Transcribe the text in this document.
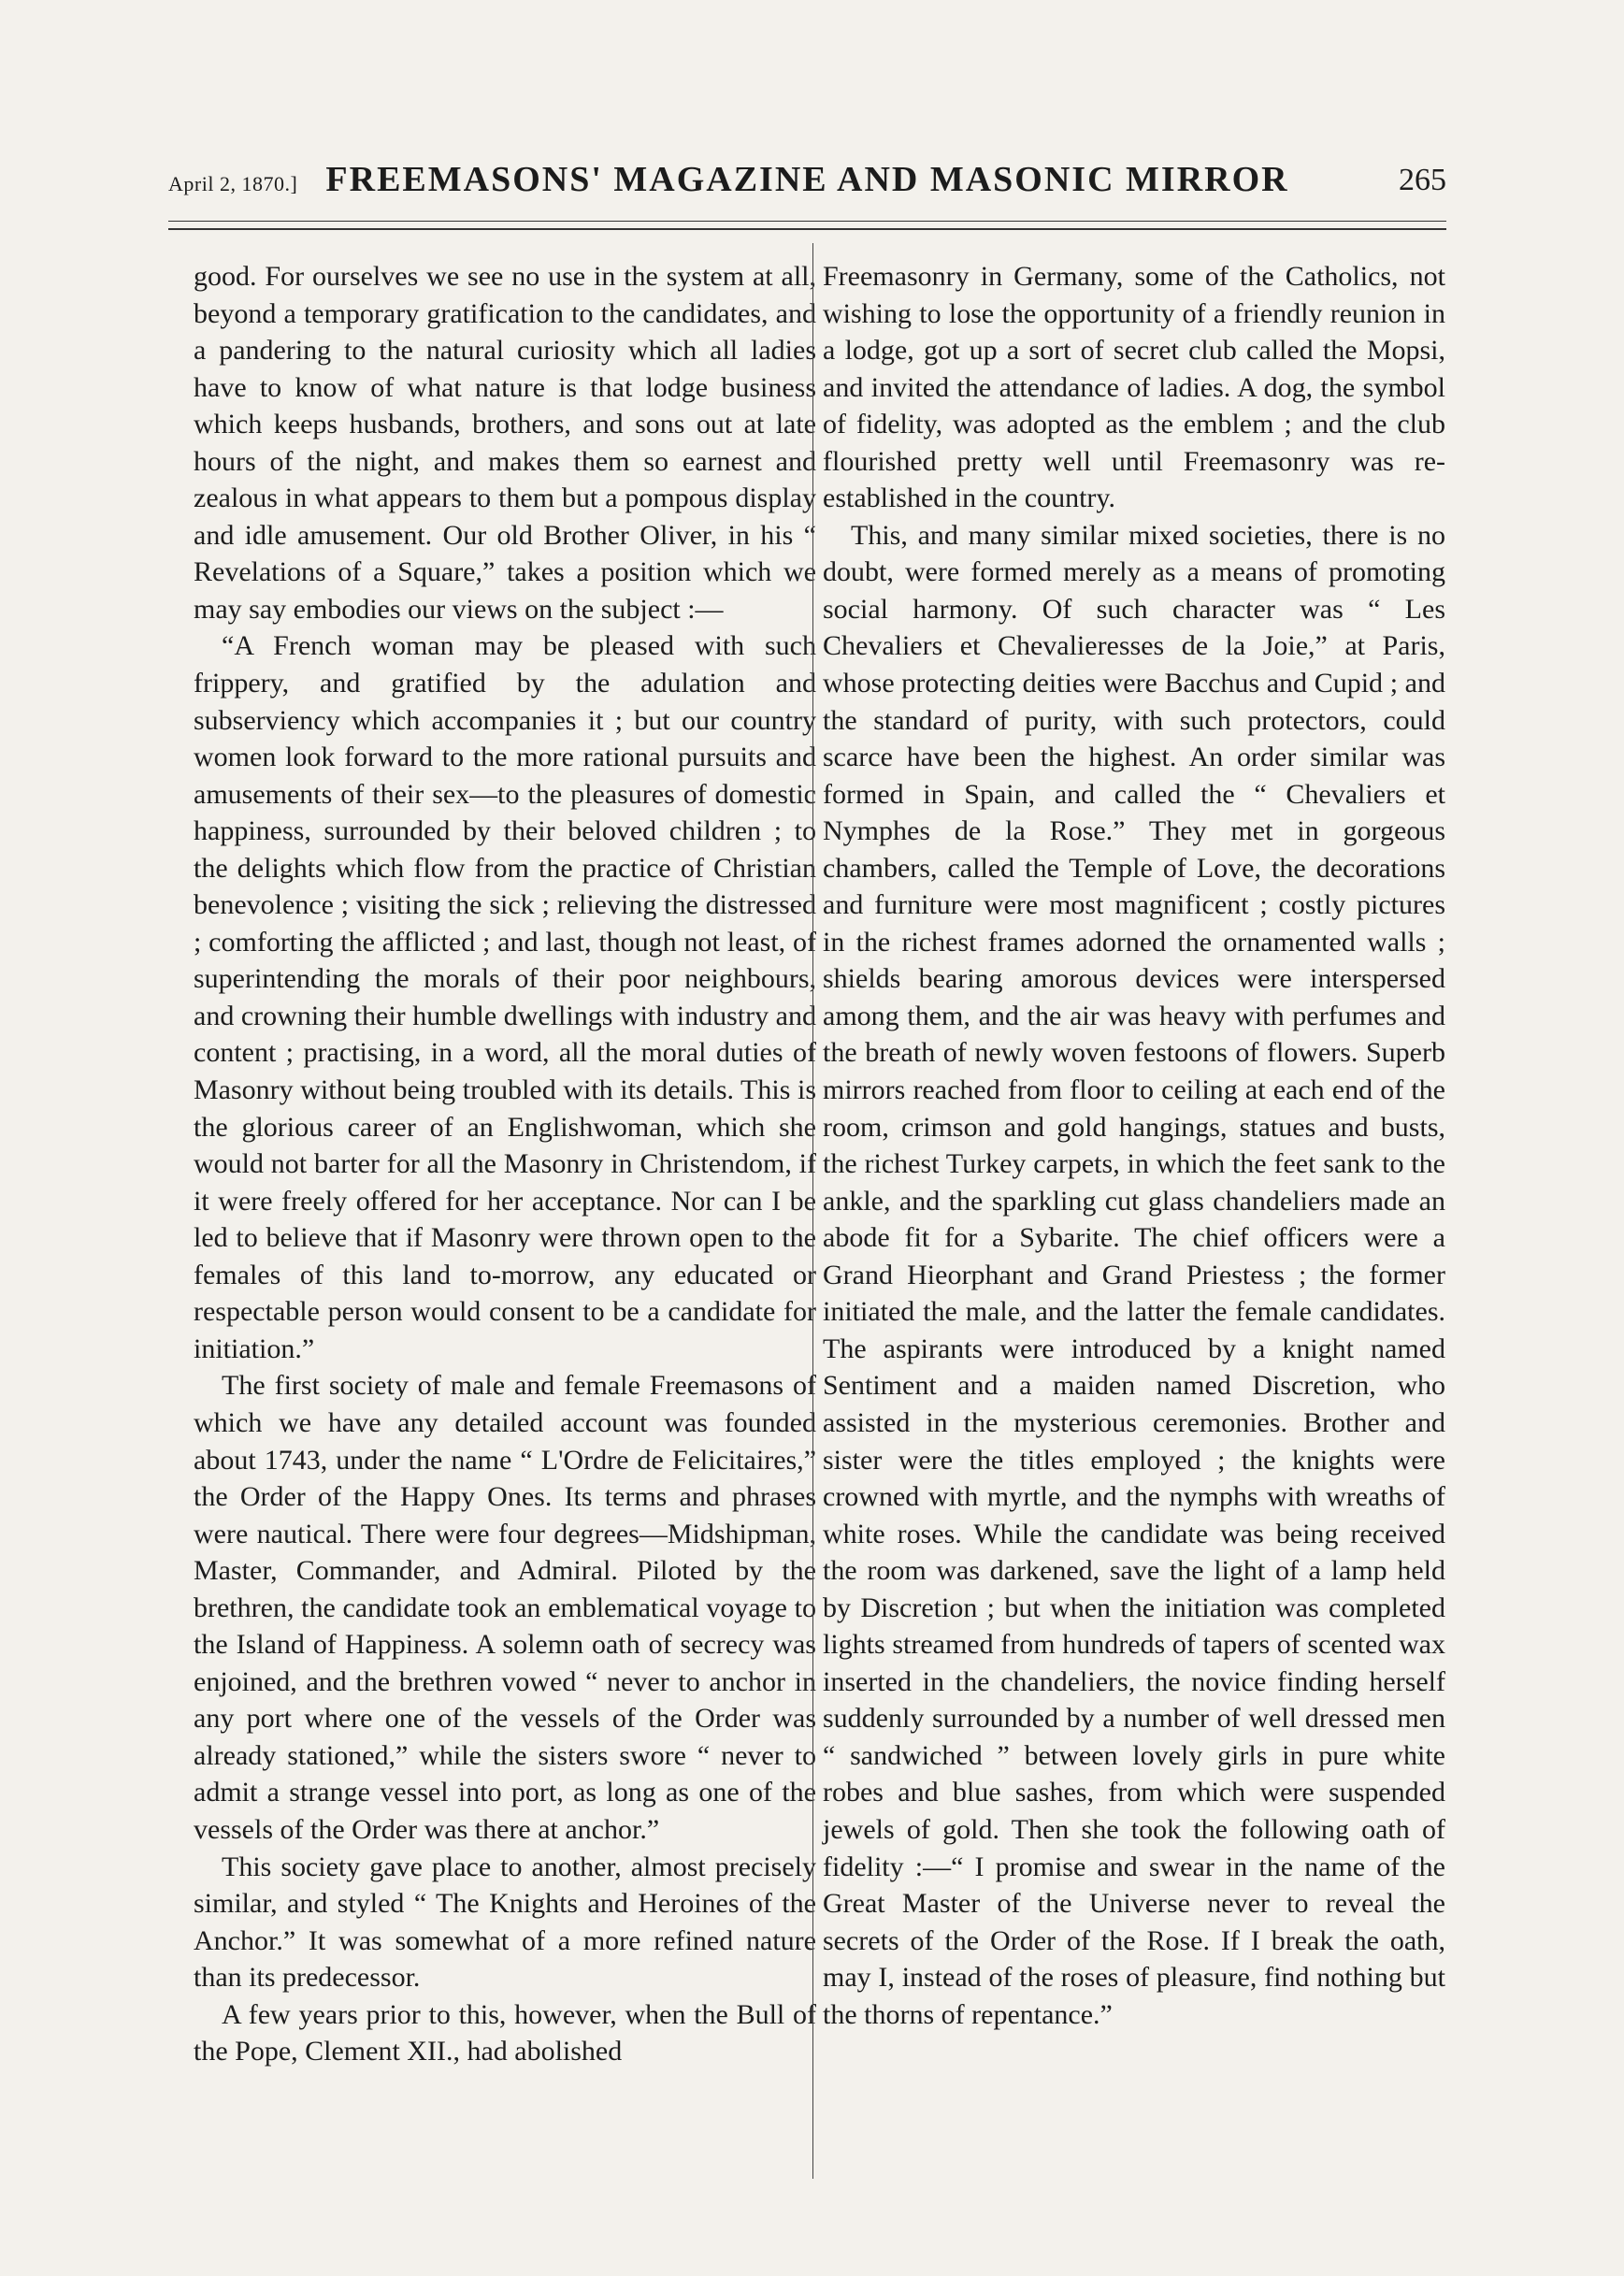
April 2, 1870.] FREEMASONS' MAGAZINE AND MASONIC MIRROR	265

good. For ourselves we see no use in the system at all, beyond a temporary gratification to the candidates, and a pandering to the natural curiosity which all ladies have to know of what nature is that lodge business which keeps husbands, brothers, and sons out at late hours of the night, and makes them so earnest and zealous in what appears to them but a pompous display and idle amusement. Our old Brother Oliver, in his “ Revelations of a Square,” takes a position which we may say embodies our views on the subject :—

“A French woman may be pleased with such frippery, and gratified by the adulation and subserviency which accompanies it ; but our country women look forward to the more rational pursuits and amusements of their sex—to the pleasures of domestic happiness, surrounded by their beloved children ; to the delights which flow from the practice of Christian benevolence ; visiting the sick ; relieving the distressed ; comforting the afflicted ; and last, though not least, of superintending the morals of their poor neighbours, and crowning their humble dwellings with industry and content ; practising, in a word, all the moral duties of Masonry without being troubled with its details. This is the glorious career of an Englishwoman, which she would not barter for all the Masonry in Christendom, if it were freely offered for her acceptance. Nor can I be led to believe that if Masonry were thrown open to the females of this land to-morrow, any educated or respectable person would consent to be a candidate for initiation.”

The first society of male and female Freemasons of which we have any detailed account was founded about 1743, under the name “ L'Ordre de Felicitaires,” the Order of the Happy Ones. Its terms and phrases were nautical. There were four degrees—Midshipman, Master, Commander, and Admiral. Piloted by the brethren, the candidate took an emblematical voyage to the Island of Happiness. A solemn oath of secrecy was enjoined, and the brethren vowed “ never to anchor in any port where one of the vessels of the Order was already stationed,” while the sisters swore “ never to admit a strange vessel into port, as long as one of the vessels of the Order was there at anchor.”

This society gave place to another, almost precisely similar, and styled “ The Knights and Heroines of the Anchor.” It was somewhat of a more refined nature than its predecessor.

A few years prior to this, however, when the Bull of the Pope, Clement XII., had abolished

Freemasonry in Germany, some of the Catholics, not wishing to lose the opportunity of a friendly reunion in a lodge, got up a sort of secret club called the Mopsi, and invited the attendance of ladies. A dog, the symbol of fidelity, was adopted as the emblem ; and the club flourished pretty well until Freemasonry was re-established in the country.

This, and many similar mixed societies, there is no doubt, were formed merely as a means of promoting social harmony. Of such character was “ Les Chevaliers et Chevalieresses de la Joie,” at Paris, whose protecting deities were Bacchus and Cupid ; and the standard of purity, with such protectors, could scarce have been the highest. An order similar was formed in Spain, and called the “ Chevaliers et Nymphes de la Rose.” They met in gorgeous chambers, called the Temple of Love, the decorations and furniture were most magnificent ; costly pictures in the richest frames adorned the ornamented walls ; shields bearing amorous devices were interspersed among them, and the air was heavy with perfumes and the breath of newly woven festoons of flowers. Superb mirrors reached from floor to ceiling at each end of the room, crimson and gold hangings, statues and busts, the richest Turkey carpets, in which the feet sank to the ankle, and the sparkling cut glass chandeliers made an abode fit for a Sybarite. The chief officers were a Grand Hieorphant and Grand Priestess ; the former initiated the male, and the latter the female candidates. The aspirants were introduced by a knight named Sentiment and a maiden named Discretion, who assisted in the mysterious ceremonies. Brother and sister were the titles employed ; the knights were crowned with myrtle, and the nymphs with wreaths of white roses. While the candidate was being received the room was darkened, save the light of a lamp held by Discretion ; but when the initiation was completed lights streamed from hundreds of tapers of scented wax inserted in the chandeliers, the novice finding herself suddenly surrounded by a number of well dressed men “ sandwiched ” between lovely girls in pure white robes and blue sashes, from which were suspended jewels of gold. Then she took the following oath of fidelity :—“ I promise and swear in the name of the Great Master of the Universe never to reveal the secrets of the Order of the Rose. If I break the oath, may I, instead of the roses of pleasure, find nothing but the thorns of repentance.”
